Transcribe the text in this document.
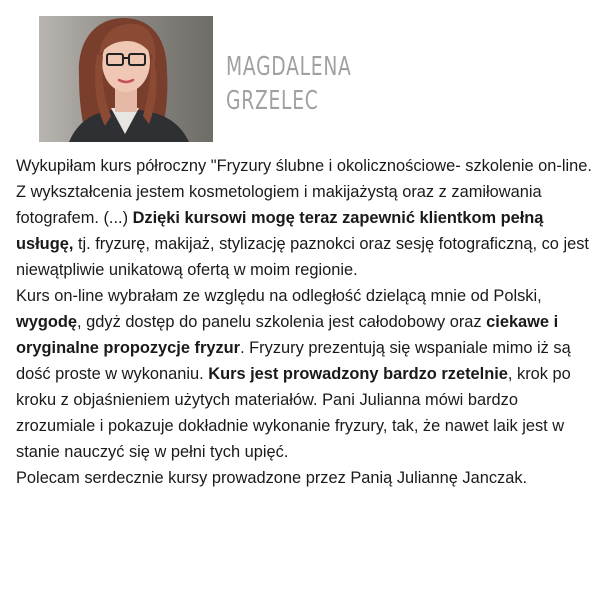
MAGDALENA
GRZELEC

Wykupiłam kurs półroczny "Fryzury ślubne i okolicznościowe- szkolenie on-line.

Z wykształcenia jestem kosmetologiem i makijażystą oraz z zamiłowania fotografem. (...) Dzięki kursowi mogę teraz zapewnić klientkom pełną usługę, tj. fryzurę, makijaż, stylizację paznokci oraz sesję fotograficzną, co jest niewątpliwie unikatową ofertą w moim regionie.

Kurs on-line wybrałam ze względu na odległość dzielącą mnie od Polski, wygodę, gdyż dostęp do panelu szkolenia jest całodobowy oraz ciekawe i oryginalne propozycje fryzur. Fryzury prezentują się wspaniale mimo iż są dość proste w wykonaniu. Kurs jest prowadzony bardzo rzetelnie, krok po kroku z objaśnieniem użytych materiałów. Pani Julianna mówi bardzo zrozumiale i pokazuje dokładnie wykonanie fryzury, tak, że nawet laik jest w stanie nauczyć się w pełni tych upięć.

Polecam serdecznie kursy prowadzone przez Panią Juliannę Janczak.
